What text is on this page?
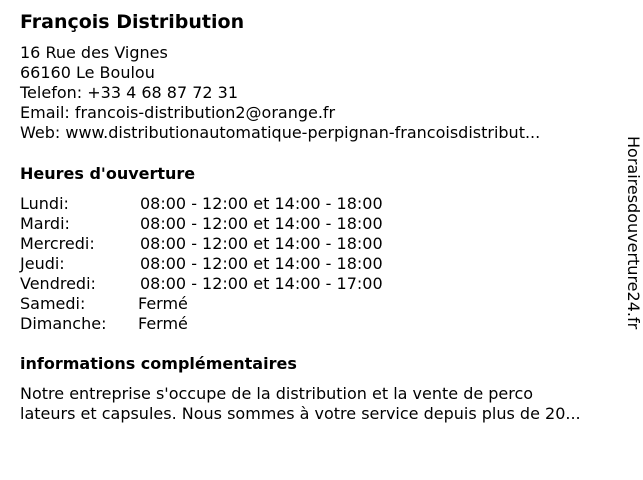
François Distribution
16 Rue des Vignes
66160 Le Boulou
Telefon: +33 4 68 87 72 31
Email: francois-distribution2@orange.fr
Web: www.distributionautomatique-perpignan-francoisdistribut...
Heures d'ouverture
Lundi:	08:00 - 12:00 et 14:00 - 18:00
Mardi:	08:00 - 12:00 et 14:00 - 18:00
Mercredi:	08:00 - 12:00 et 14:00 - 18:00
Jeudi:	08:00 - 12:00 et 14:00 - 18:00
Vendredi:	08:00 - 12:00 et 14:00 - 17:00
Samedi:	Fermé
Dimanche: Fermé
informations complémentaires
Notre entreprise s'occupe de la distribution et la vente de perco
lateurs et capsules. Nous sommes à votre service depuis plus de 20...
Horairesdouverture24.fr
